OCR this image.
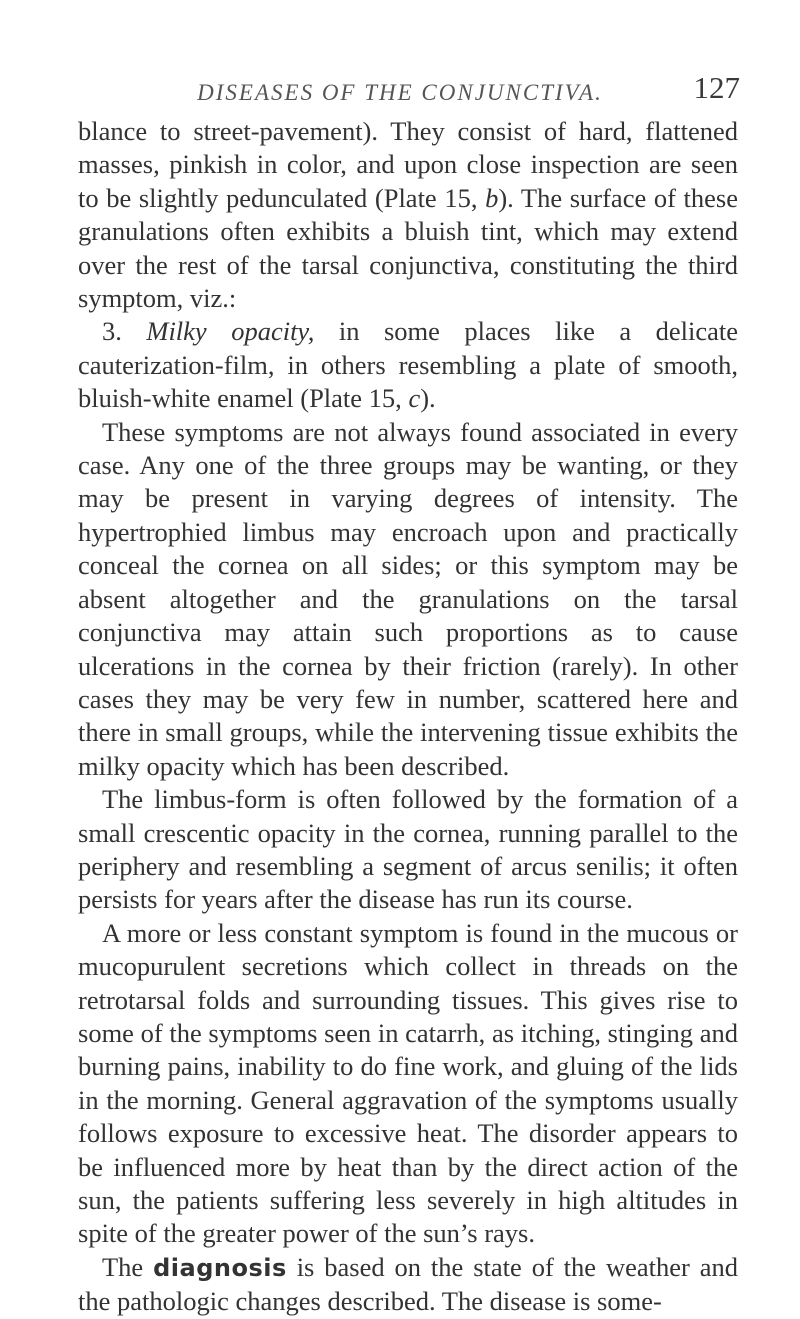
DISEASES OF THE CONJUNCTIVA.	127

blance to street-pavement). They consist of hard, flattened masses, pinkish in color, and upon close inspection are seen to be slightly pedunculated (Plate 15, b). The surface of these granulations often exhibits a bluish tint, which may extend over the rest of the tarsal conjunctiva, constituting the third symptom, viz.:

3. Milky opacity, in some places like a delicate cauterization-film, in others resembling a plate of smooth, bluish-white enamel (Plate 15, c).

These symptoms are not always found associated in every case. Any one of the three groups may be wanting, or they may be present in varying degrees of intensity. The hypertrophied limbus may encroach upon and practically conceal the cornea on all sides; or this symptom may be absent altogether and the granulations on the tarsal conjunctiva may attain such proportions as to cause ulcerations in the cornea by their friction (rarely). In other cases they may be very few in number, scattered here and there in small groups, while the intervening tissue exhibits the milky opacity which has been described.

The limbus-form is often followed by the formation of a small crescentic opacity in the cornea, running parallel to the periphery and resembling a segment of arcus senilis; it often persists for years after the disease has run its course.

A more or less constant symptom is found in the mucous or mucopurulent secretions which collect in threads on the retrotarsal folds and surrounding tissues. This gives rise to some of the symptoms seen in catarrh, as itching, stinging and burning pains, inability to do fine work, and gluing of the lids in the morning. General aggravation of the symptoms usually follows exposure to excessive heat. The disorder appears to be influenced more by heat than by the direct action of the sun, the patients suffering less severely in high altitudes in spite of the greater power of the sun’s rays.

The diagnosis is based on the state of the weather and the pathologic changes described. The disease is some-
